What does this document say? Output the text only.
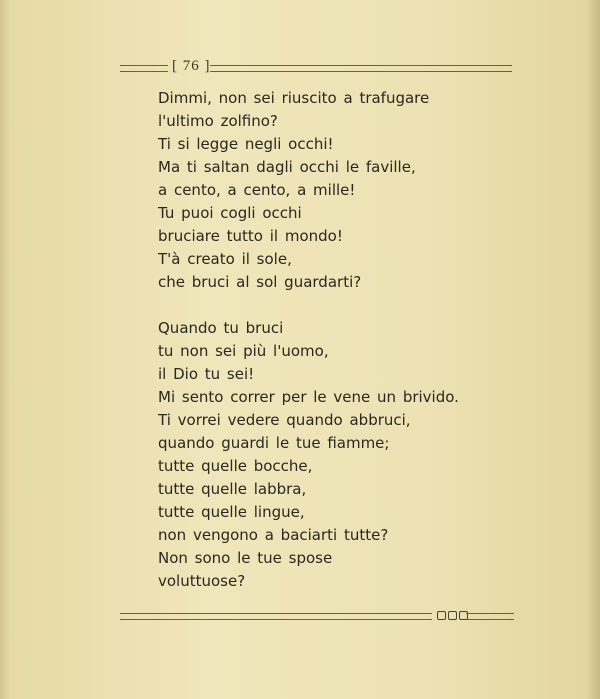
[ 76 ]
Dimmi, non sei riuscito a trafugare
l'ultimo zolfino?
Ti si legge negli occhi!
Ma ti saltan dagli occhi le faville,
a cento, a cento, a mille!
Tu puoi cogli occhi
bruciare tutto il mondo!
T'à creato il sole,
che bruci al sol guardarti?
Quando tu bruci
tu non sei più l'uomo,
il Dio tu sei!
Mi sento correr per le vene un brivido.
Ti vorrei vedere quando abbruci,
quando guardi le tue fiamme;
tutte quelle bocche,
tutte quelle labbra,
tutte quelle lingue,
non vengono a baciarti tutte?
Non sono le tue spose
voluttuose?
